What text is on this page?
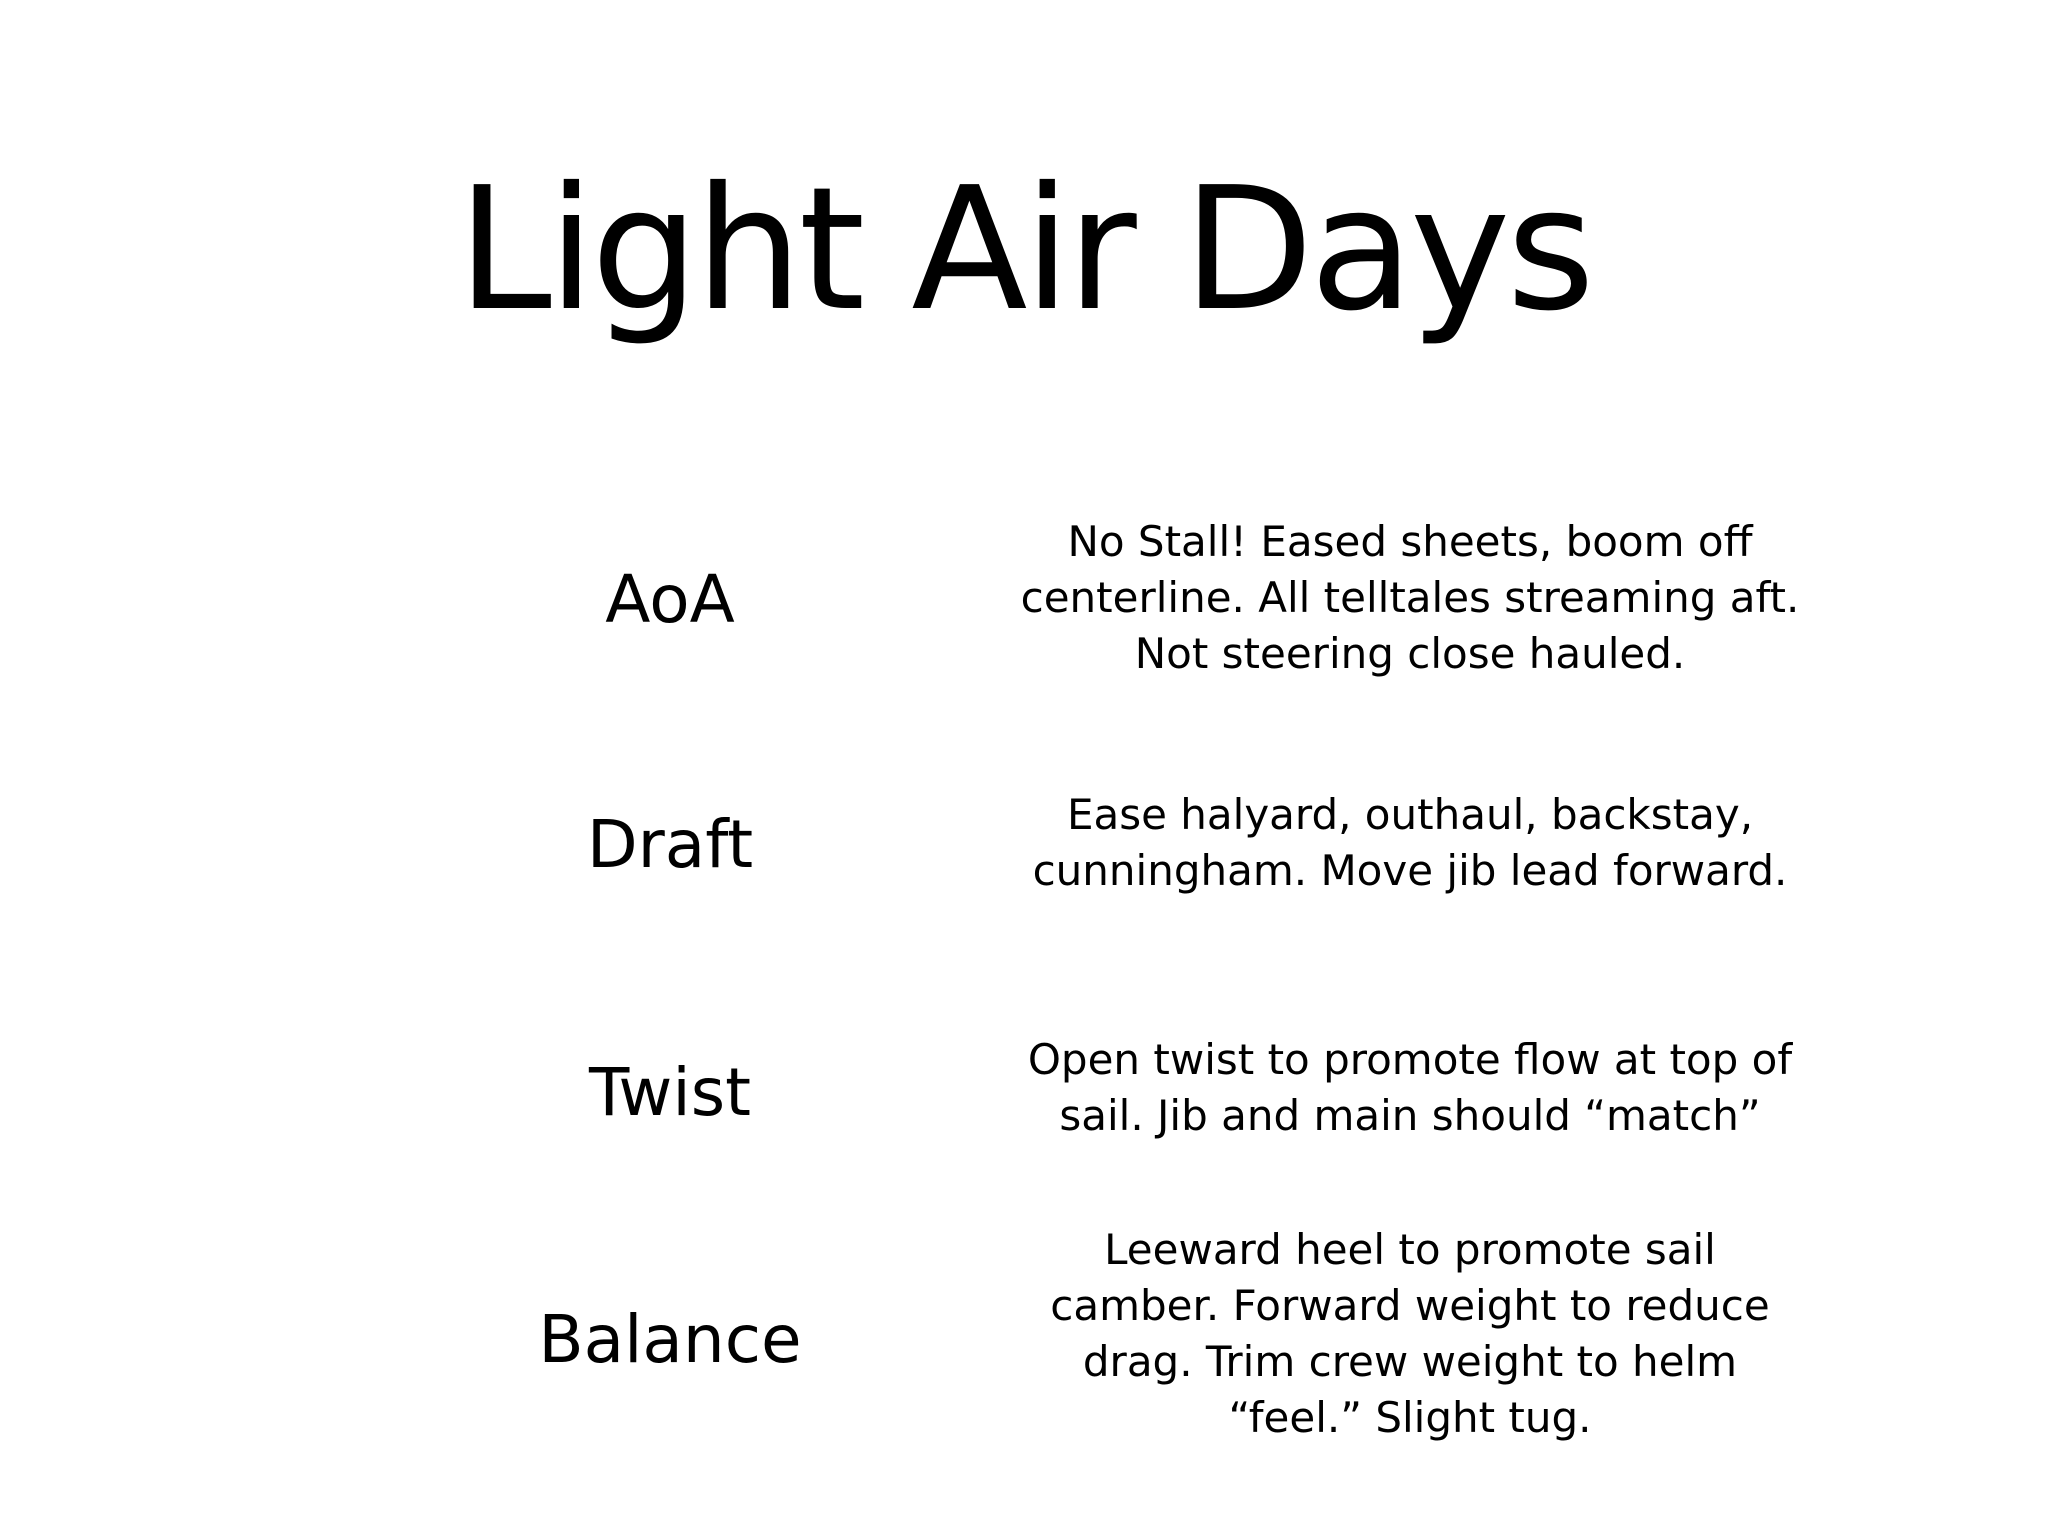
Light Air Days
AoA
No Stall! Eased sheets, boom off centerline. All telltales streaming aft. Not steering close hauled.
Draft	Ease halyard, outhaul, backstay, cunningham. Move jib lead forward.
Twist	Open twist to promote flow at top of sail. Jib and main should “match”
Balance
Leeward heel to promote sail camber. Forward weight to reduce drag. Trim crew weight to helm “feel.” Slight tug.
